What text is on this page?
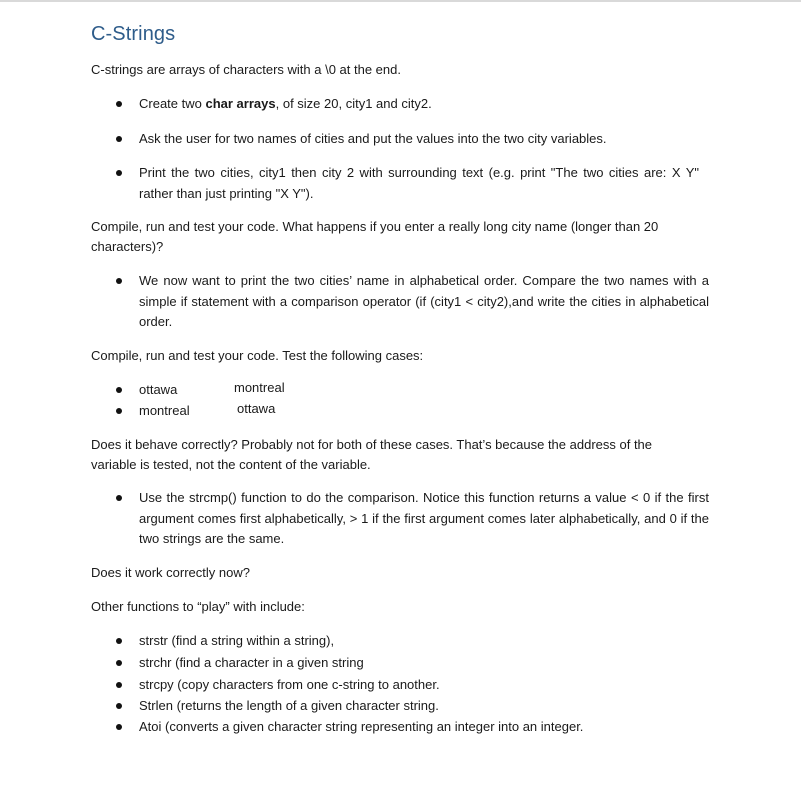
C-Strings
C-strings are arrays of characters with a \0 at the end.
Create two char arrays, of size 20, city1 and city2.
Ask the user for two names of cities and put the values into the two city variables.
Print the two cities, city1 then city 2 with surrounding text (e.g. print "The two cities are: X Y" rather than just printing "X Y").
Compile, run and test your code. What happens if you enter a really long city name (longer than 20 characters)?
We now want to print the two cities’ name in alphabetical order. Compare the two names with a simple if statement with a comparison operator (if (city1 < city2),and write the cities in alphabetical order.
Compile, run and test your code. Test the following cases:
ottawa	montreal
montreal	ottawa
Does it behave correctly? Probably not for both of these cases. That’s because the address of the variable is tested, not the content of the variable.
Use the strcmp() function to do the comparison. Notice this function returns a value < 0 if the first argument comes first alphabetically, > 1 if the first argument comes later alphabetically, and 0 if the two strings are the same.
Does it work correctly now?
Other functions to “play” with include:
strstr (find a string within a string),
strchr (find a character in a given string
strcpy (copy characters from one c-string to another.
Strlen (returns the length of a given character string.
Atoi (converts a given character string representing an integer into an integer.
